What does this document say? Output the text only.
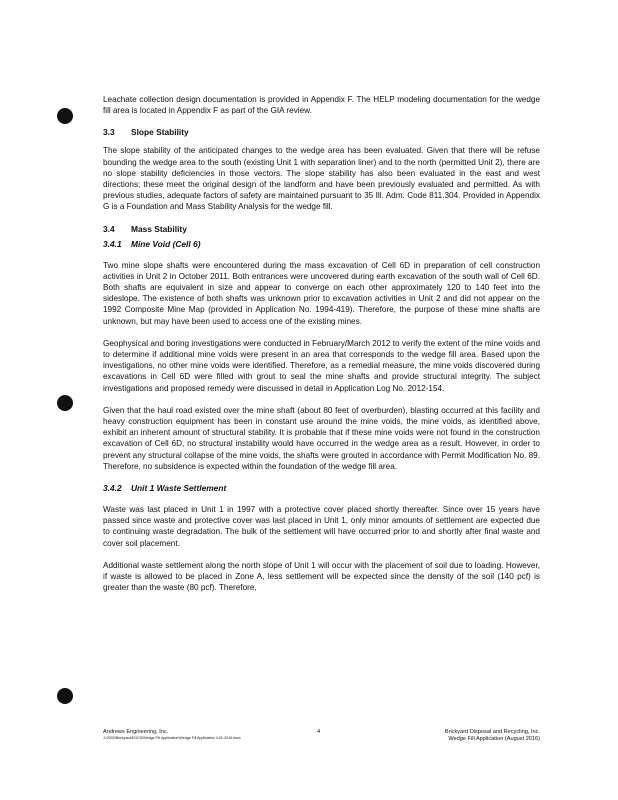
Leachate collection design documentation is provided in Appendix F. The HELP modeling documentation for the wedge fill area is located in Appendix F as part of the GIA review.

3.3 Slope Stability

The slope stability of the anticipated changes to the wedge area has been evaluated. Given that there will be refuse bounding the wedge area to the south (existing Unit 1 with separation liner) and to the north (permitted Unit 2), there are no slope stability deficiencies in those vectors. The slope stability has also been evaluated in the east and west directions; these meet the original design of the landform and have been previously evaluated and permitted. As with previous studies, adequate factors of safety are maintained pursuant to 35 Ill. Adm. Code 811.304. Provided in Appendix G is a Foundation and Mass Stability Analysis for the wedge fill.

3.4 Mass Stability
3.4.1 Mine Void (Cell 6)

Two mine slope shafts were encountered during the mass excavation of Cell 6D in preparation of cell construction activities in Unit 2 in October 2011. Both entrances were uncovered during earth excavation of the south wall of Cell 6D. Both shafts are equivalent in size and appear to converge on each other approximately 120 to 140 feet into the sideslope. The existence of both shafts was unknown prior to excavation activities in Unit 2 and did not appear on the 1992 Composite Mine Map (provided in Application No. 1994-419). Therefore, the purpose of these mine shafts are unknown, but may have been used to access one of the existing mines.

Geophysical and boring investigations were conducted in February/March 2012 to verify the extent of the mine voids and to determine if additional mine voids were present in an area that corresponds to the wedge fill area. Based upon the investigations, no other mine voids were identified. Therefore, as a remedial measure, the mine voids discovered during excavations in Cell 6D were filled with grout to seal the mine shafts and provide structural integrity. The subject investigations and proposed remedy were discussed in detail in Application Log No. 2012-154.

Given that the haul road existed over the mine shaft (about 80 feet of overburden), blasting occurred at this facility and heavy construction equipment has been in constant use around the mine voids, the mine voids, as identified above, exhibit an inherent amount of structural stability. It is probable that if these mine voids were not found in the construction excavation of Cell 6D, no structural instability would have occurred in the wedge area as a result. However, in order to prevent any structural collapse of the mine voids, the shafts were grouted in accordance with Permit Modification No. 89. Therefore, no subsidence is expected within the foundation of the wedge fill area.

3.4.2 Unit 1 Waste Settlement

Waste was last placed in Unit 1 in 1997 with a protective cover placed shortly thereafter. Since over 15 years have passed since waste and protective cover was last placed in Unit 1, only minor amounts of settlement are expected due to continuing waste degradation. The bulk of the settlement will have occurred prior to and shortly after final waste and cover soil placement.

Additional waste settlement along the north slope of Unit 1 will occur with the placement of soil due to loading. However, if waste is allowed to be placed in Zone A, less settlement will be expected since the density of the soil (140 pcf) is greater than the waste (80 pcf). Therefore,

Andrews Engineering, Inc.
J:\2002\Brickyard\DOCS\Wedge Fill Application\Wedge Fill Application 4-01-2016.docx
4	Brickyard Disposal and Recycling, Inc.
Wedge Fill Application (August 2016)
